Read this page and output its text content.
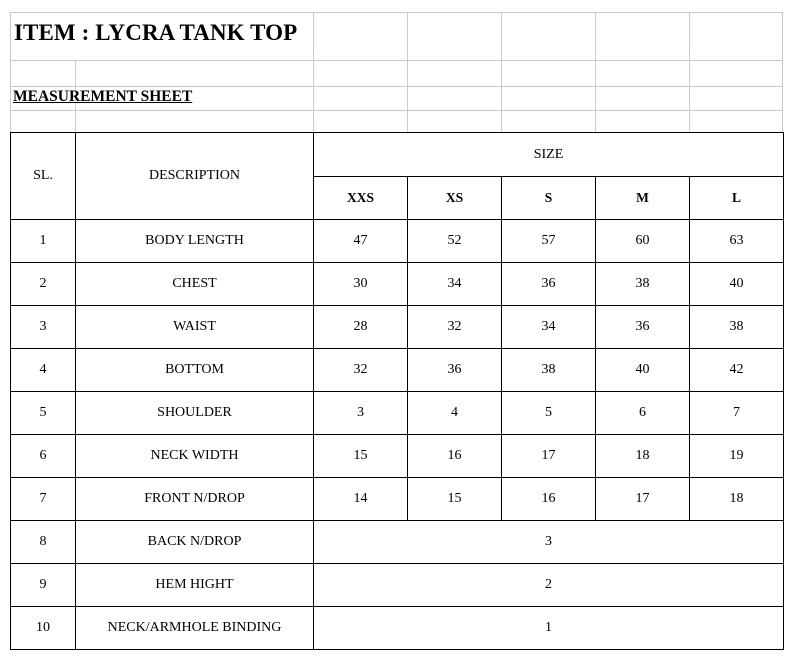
ITEM : LYCRA TANK TOP
MEASUREMENT SHEET
SL.	DESCRIPTION	SIZE				
		XXS	XS	S	M	L
1	BODY LENGTH	47	52	57	60	63
2	CHEST	30	34	36	38	40
3	WAIST	28	32	34	36	38
4	BOTTOM	32	36	38	40	42
5	SHOULDER	3	4	5	6	7
6	NECK WIDTH	15	16	17	18	19
7	FRONT N/DROP	14	15	16	17	18
8	BACK N/DROP	3				
9	HEM HIGHT	2				
10	NECK/ARMHOLE BINDING	1				
